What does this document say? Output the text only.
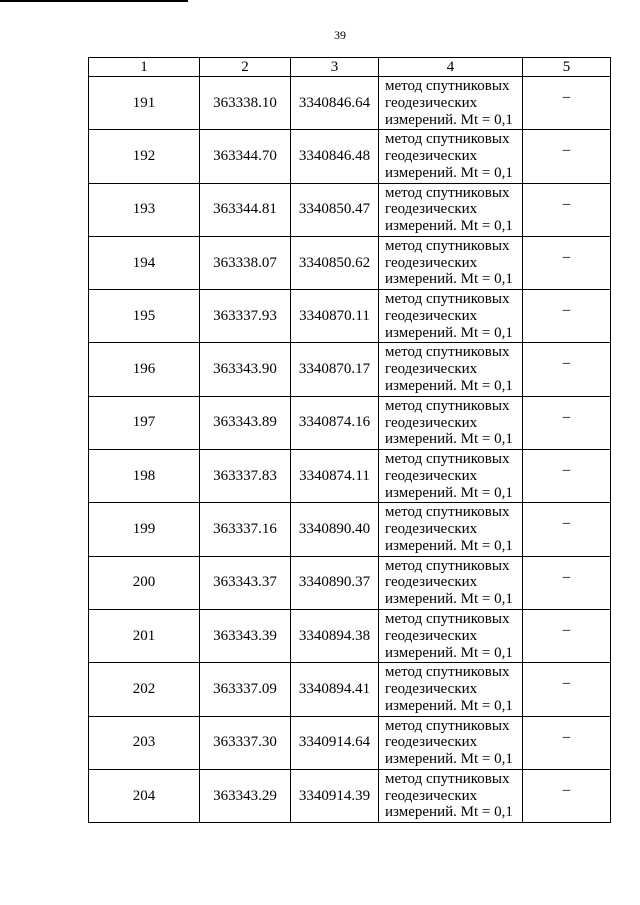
39
1	2	3	4	5
191	363338.10	3340846.64	метод спутниковых
геодезических
измерений. Mt = 0,1	–
192	363344.70	3340846.48	метод спутниковых
геодезических
измерений. Mt = 0,1	–
193	363344.81	3340850.47	метод спутниковых
геодезических
измерений. Mt = 0,1	–
194	363338.07	3340850.62	метод спутниковых
геодезических
измерений. Mt = 0,1	–
195	363337.93	3340870.11	метод спутниковых
геодезических
измерений. Mt = 0,1	–
196	363343.90	3340870.17	метод спутниковых
геодезических
измерений. Mt = 0,1	–
197	363343.89	3340874.16	метод спутниковых
геодезических
измерений. Mt = 0,1	–
198	363337.83	3340874.11	метод спутниковых
геодезических
измерений. Mt = 0,1	–
199	363337.16	3340890.40	метод спутниковых
геодезических
измерений. Mt = 0,1	–
200	363343.37	3340890.37	метод спутниковых
геодезических
измерений. Mt = 0,1	–
201	363343.39	3340894.38	метод спутниковых
геодезических
измерений. Mt = 0,1	–
202	363337.09	3340894.41	метод спутниковых
геодезических
измерений. Mt = 0,1	–
203	363337.30	3340914.64	метод спутниковых
геодезических
измерений. Mt = 0,1	–
204	363343.29	3340914.39	метод спутниковых
геодезических
измерений. Mt = 0,1	–
